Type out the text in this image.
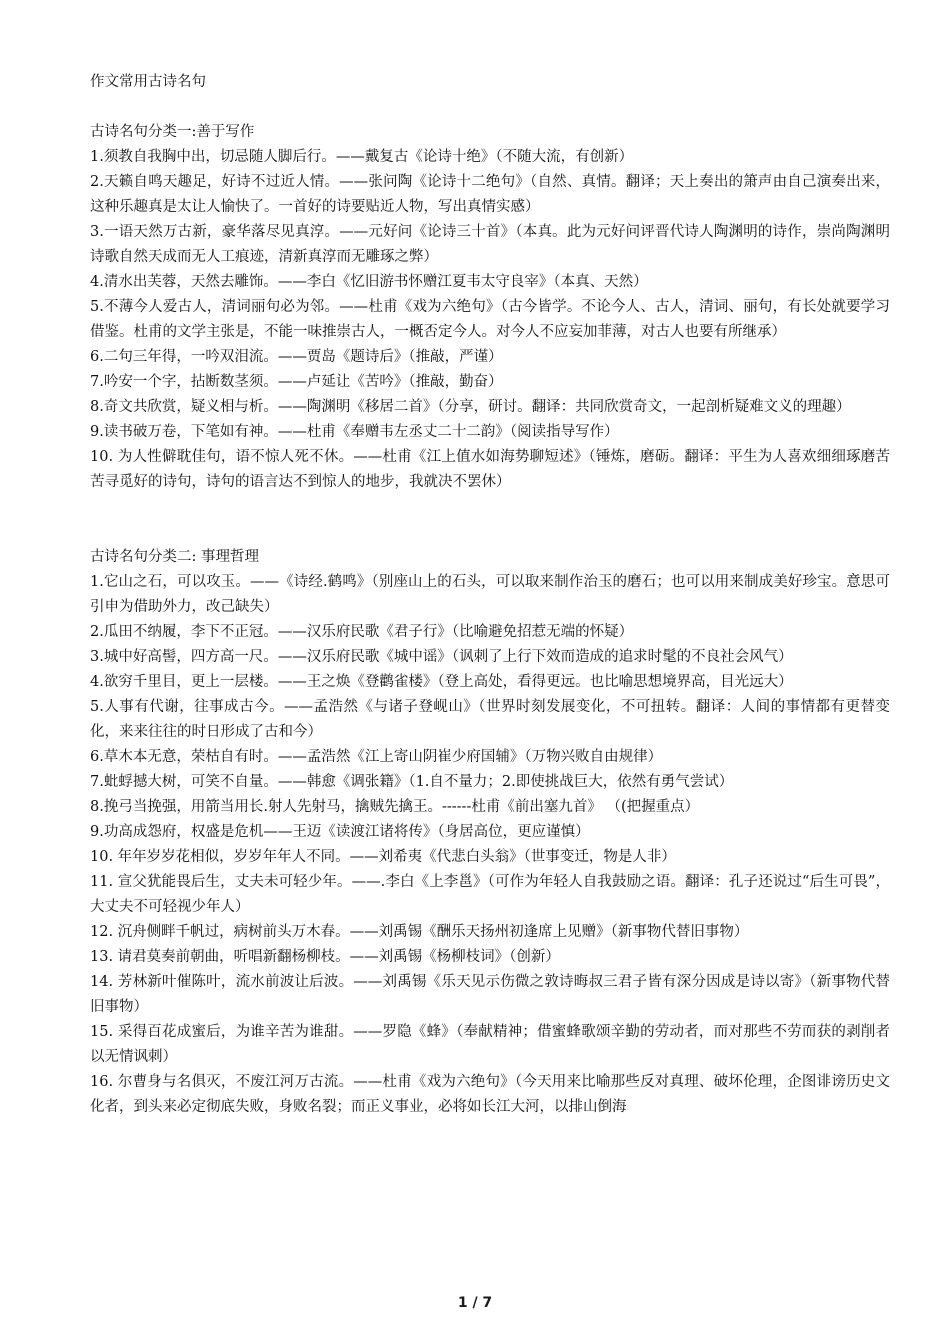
作文常用古诗名句
古诗名句分类一:善于写作

1.须教自我胸中出，切忌随人脚后行。——戴复古《论诗十绝》（不随大流，有创新）

2.天籁自鸣天趣足，好诗不过近人情。——张问陶《论诗十二绝句》（自然、真情。翻译；天上奏出的箫声由自己演奏出来，这种乐趣真是太让人愉快了。一首好的诗要贴近人物，写出真情实感）

3.一语天然万古新，豪华落尽见真淳。——元好问《论诗三十首》（本真。此为元好问评晋代诗人陶渊明的诗作，崇尚陶渊明诗歌自然天成而无人工痕迹，清新真淳而无雕琢之弊）

4.清水出芙蓉，天然去雕饰。——李白《忆旧游书怀赠江夏韦太守良宰》（本真、天然）

5.不薄今人爱古人，清词丽句必为邻。——杜甫《戏为六绝句》（古今皆学。不论今人、古人，清词、丽句，有长处就要学习借鉴。杜甫的文学主张是，不能一味推崇古人，一概否定今人。对今人不应妄加菲薄，对古人也要有所继承）

6.二句三年得，一吟双泪流。——贾岛《题诗后》（推敲，严谨）

7.吟安一个字，拈断数茎须。——卢延让《苦吟》（推敲，勤奋）

8.奇文共欣赏，疑义相与析。——陶渊明《移居二首》（分享，研讨。翻译：共同欣赏奇文，一起剖析疑难文义的理趣）

9.读书破万卷，下笔如有神。——杜甫《奉赠韦左丞丈二十二韵》（阅读指导写作）

10. 为人性僻耽佳句，语不惊人死不休。——杜甫《江上值水如海势聊短述》（锤炼，磨砺。翻译：平生为人喜欢细细琢磨苦苦寻觅好的诗句，诗句的语言达不到惊人的地步，我就决不罢休）

古诗名句分类二: 事理哲理

1.它山之石，可以攻玉。——《诗经.鹤鸣》（别座山上的石头，可以取来制作治玉的磨石；也可以用来制成美好珍宝。意思可引申为借助外力，改己缺失）

2.瓜田不纳履，李下不正冠。——汉乐府民歌《君子行》（比喻避免招惹无端的怀疑）

3.城中好高髻，四方高一尺。——汉乐府民歌《城中谣》（讽刺了上行下效而造成的追求时髦的不良社会风气）

4.欲穷千里目，更上一层楼。——王之焕《登鹳雀楼》（登上高处，看得更远。也比喻思想境界高，目光远大）

5.人事有代谢，往事成古今。——孟浩然《与诸子登岘山》（世界时刻发展变化，不可扭转。翻译：人间的事情都有更替变化，来来往往的时日形成了古和今）

6.草木本无意，荣枯自有时。——孟浩然《江上寄山阴崔少府国辅》（万物兴败自由规律）

7.蚍蜉撼大树，可笑不自量。——韩愈《调张籍》（1.自不量力；2.即使挑战巨大，依然有勇气尝试）

8.挽弓当挽强，用箭当用长.射人先射马，擒贼先擒王。------杜甫《前出塞九首》 （(把握重点）

9.功高成怨府，权盛是危机——王迈《读渡江诸将传》（身居高位，更应谨慎）

10. 年年岁岁花相似，岁岁年年人不同。——刘希夷《代悲白头翁》（世事变迁，物是人非）

11. 宣父犹能畏后生，丈夫未可轻少年。——.李白《上李邕》（可作为年轻人自我鼓励之语。翻译：孔子还说过“后生可畏”，大丈夫不可轻视少年人）

12. 沉舟侧畔千帆过，病树前头万木春。——刘禹锡《酬乐天扬州初逢席上见赠》（新事物代替旧事物）

13. 请君莫奏前朝曲，听唱新翻杨柳枝。——刘禹锡《杨柳枝词》（创新）

14. 芳林新叶催陈叶，流水前波让后波。——刘禹锡《乐天见示伤微之敦诗晦叔三君子皆有深分因成是诗以寄》（新事物代替旧事物）

15. 采得百花成蜜后，为谁辛苦为谁甜。——罗隐《蜂》（奉献精神；借蜜蜂歌颂辛勤的劳动者，而对那些不劳而获的剥削者以无情讽刺）

16. 尔曹身与名俱灭，不废江河万古流。——杜甫《戏为六绝句》（今天用来比喻那些反对真理、破坏伦理，企图诽谤历史文化者，到头来必定彻底失败，身败名裂；而正义事业，必将如长江大河，以排山倒海

1 / 7
